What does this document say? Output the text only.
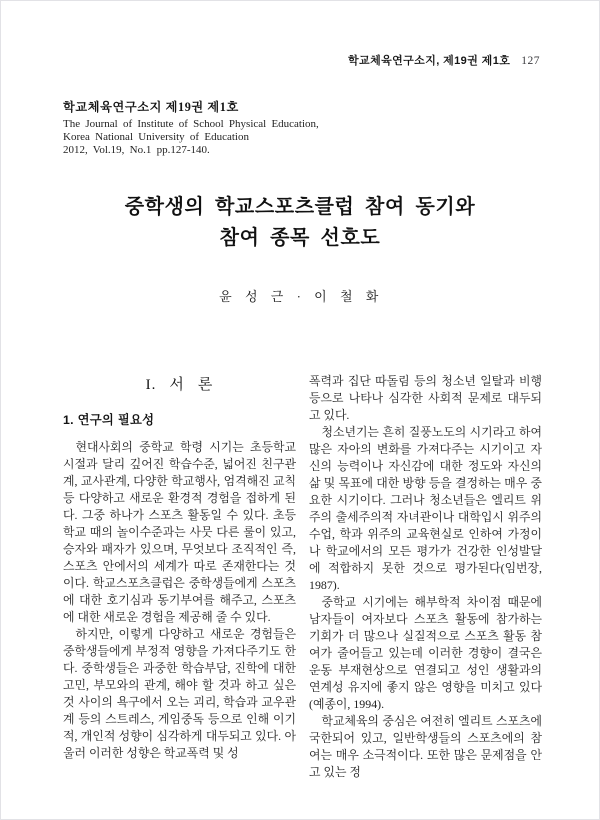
학교체육연구소지, 제19권 제1호 127
학교체육연구소지 제19권 제1호
The Journal of Institute of School Physical Education,
Korea National University of Education
2012, Vol.19, No.1 pp.127-140.
중학생의 학교스포츠클럽 참여 동기와
참여 종목 선호도
윤 성 근 · 이 철 화
I. 서 론
1. 연구의 필요성

현대사회의 중학교 학령 시기는 초등학교 시절과 달리 깊어진 학습수준, 넓어진 친구관계, 교사관계, 다양한 학교행사, 엄격해진 교칙 등 다양하고 새로운 환경적 경험을 접하게 된다. 그중 하나가 스포츠 활동일 수 있다. 초등학교 때의 놀이수준과는 사뭇 다른 룰이 있고, 승자와 패자가 있으며, 무엇보다 조직적인 즉, 스포츠 안에서의 세계가 따로 존재한다는 것이다. 학교스포츠클럽은 중학생들에게 스포츠에 대한 호기심과 동기부여를 해주고, 스포츠에 대한 새로운 경험을 제공해 줄 수 있다.

하지만, 이렇게 다양하고 새로운 경험들은 중학생들에게 부정적 영향을 가져다주기도 한다. 중학생들은 과중한 학습부담, 진학에 대한 고민, 부모와의 관계, 해야 할 것과 하고 싶은 것 사이의 욕구에서 오는 괴리, 학습과 교우관계 등의 스트레스, 게임중독 등으로 인해 이기적, 개인적 성향이 심각하게 대두되고 있다. 아울러 이러한 성향은 학교폭력 및 성

폭력과 집단 따돌림 등의 청소년 일탈과 비행 등으로 나타나 심각한 사회적 문제로 대두되고 있다.

청소년기는 흔히 질풍노도의 시기라고 하여 많은 자아의 변화를 가져다주는 시기이고 자신의 능력이나 자신감에 대한 정도와 자신의 삶 및 목표에 대한 방향 등을 결정하는 매우 중요한 시기이다. 그러나 청소년들은 엘리트 위주의 출세주의적 자녀관이나 대학입시 위주의 수업, 학과 위주의 교육현실로 인하여 가정이나 학교에서의 모든 평가가 건강한 인성발달에 적합하지 못한 것으로 평가된다(임번장, 1987).

중학교 시기에는 해부학적 차이점 때문에 남자들이 여자보다 스포츠 활동에 참가하는 기회가 더 많으나 실질적으로 스포츠 활동 참여가 줄어들고 있는데 이러한 경향이 결국은 운동 부재현상으로 연결되고 성인 생활과의 연계성 유지에 좋지 않은 영향을 미치고 있다(예종이, 1994).

학교체육의 중심은 여전히 엘리트 스포츠에 국한되어 있고, 일반학생들의 스포츠에의 참여는 매우 소극적이다. 또한 많은 문제점을 안고 있는 정
